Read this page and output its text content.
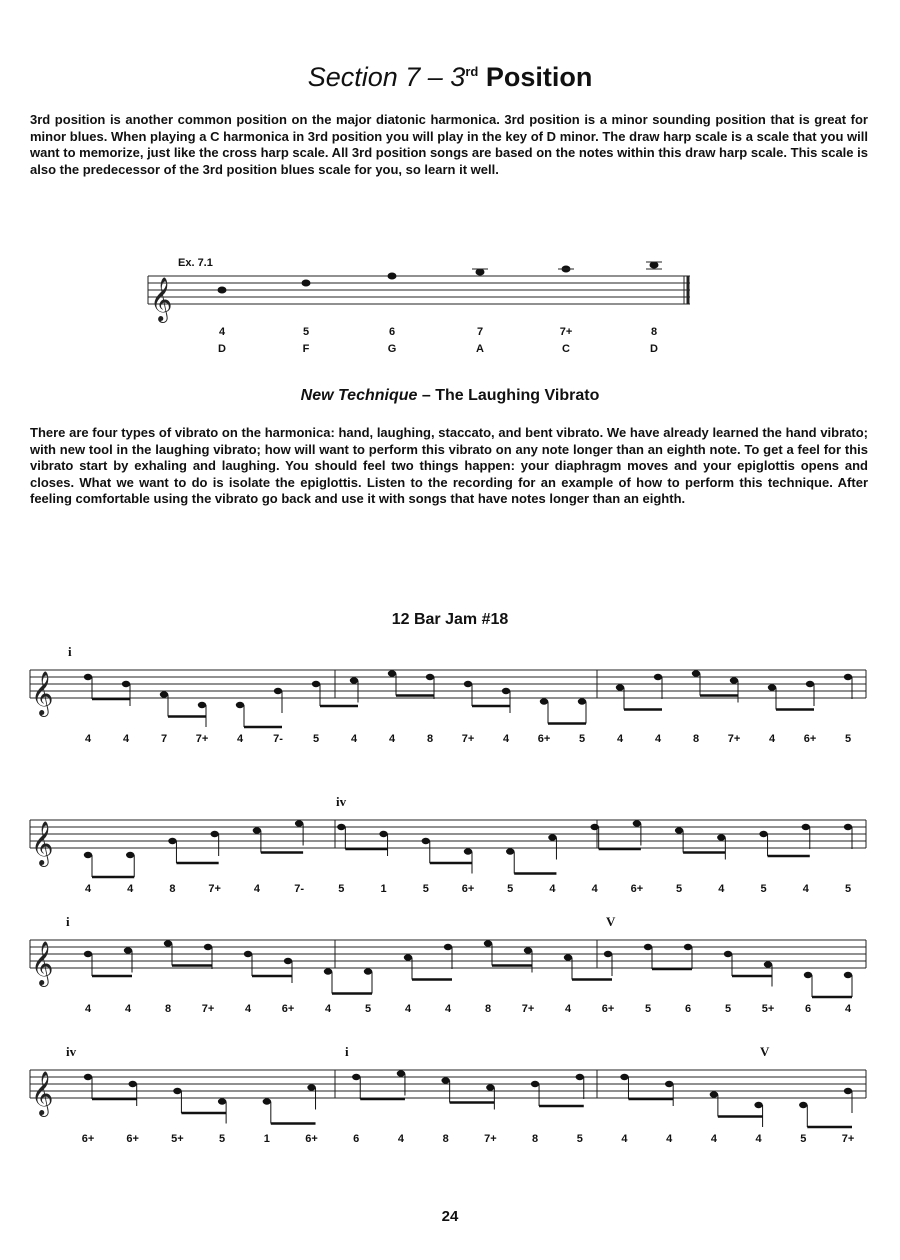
Section 7 – 3rd Position
3rd position is another common position on the major diatonic harmonica. 3rd position is a minor sounding position that is great for minor blues. When playing a C harmonica in 3rd position you will play in the key of D minor. The draw harp scale is a scale that you will want to memorize, just like the cross harp scale. All 3rd position songs are based on the notes within this draw harp scale. This scale is also the predecessor of the 3rd position blues scale for you, so learn it well.
New Technique – The Laughing Vibrato
There are four types of vibrato on the harmonica: hand, laughing, staccato, and bent vibrato. We have already learned the hand vibrato; with new tool in the laughing vibrato; how will want to perform this vibrato on any note longer than an eighth note. To get a feel for this vibrato start by exhaling and laughing. You should feel two things happen: your diaphragm moves and your epiglottis opens and closes. What we want to do is isolate the epiglottis. Listen to the recording for an example of how to perform this technique. After feeling comfortable using the vibrato go back and use it with songs that have notes longer than an eighth.
12 Bar Jam #18
Ex. 7.1
𝄞
4
D
5
F
6
G
7
A
7+
C
8
D
𝄞
i
4	4	7	7+	4	7-	5	4	4	8	7+	4	6+	5	4	4	8	7+	4	6+	5
𝄞
iv
4	4	8	7+	4	7-	5	1	5	6+	5	4	4	6+	5	4	5	4	5
𝄞
i	V
4	4	8	7+	4	6+	4	5	4	4	8	7+	4	6+	5	6	5	5+	6	4
𝄞
iv	i	V
6+	6+	5+	5	1	6+	6	4	8	7+	8	5	4	4	4	4	5	7+
24
